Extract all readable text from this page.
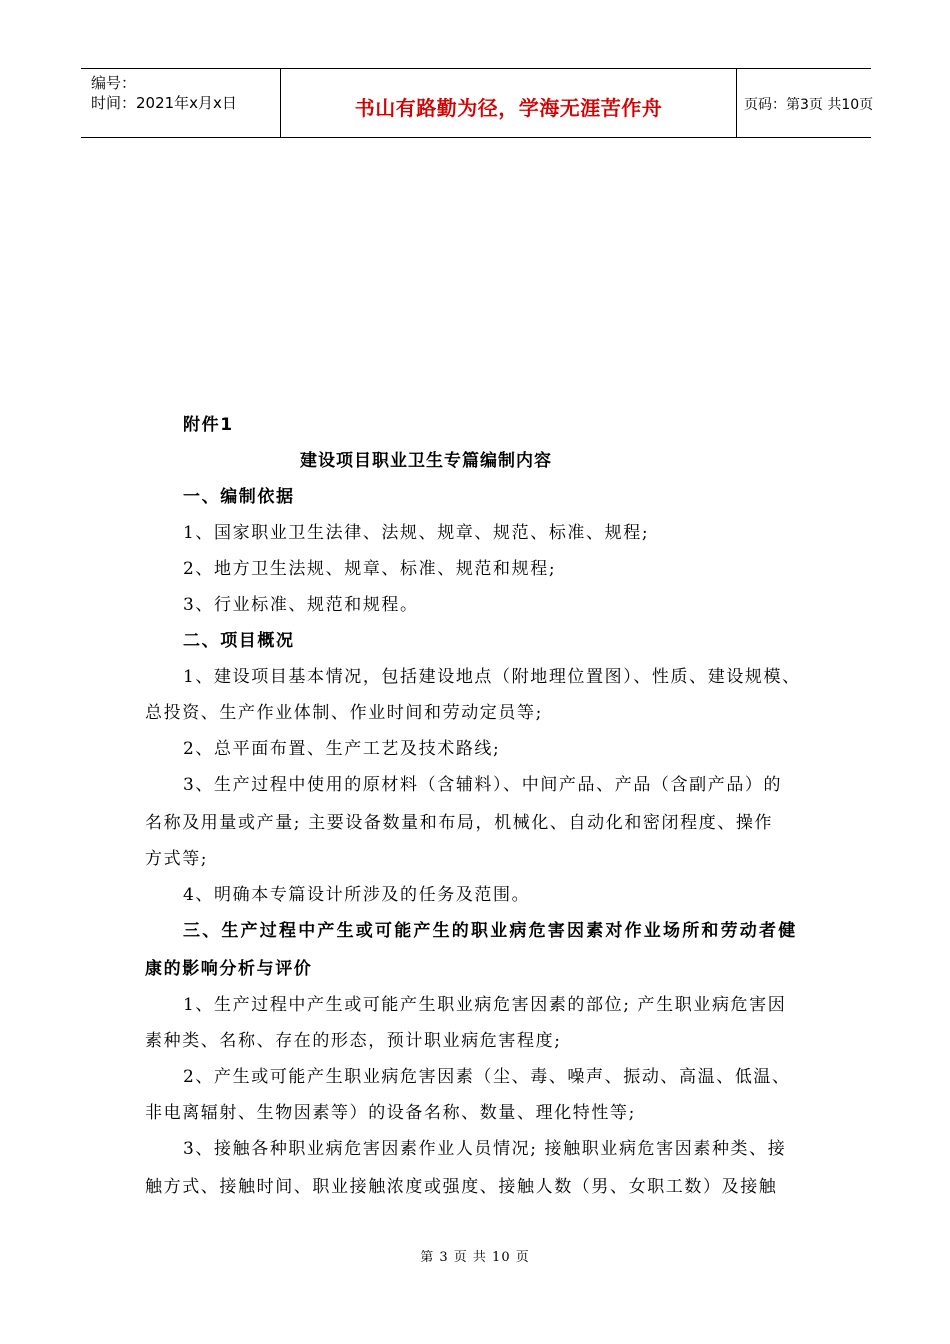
编号：
时间：2021年x月x日	书山有路勤为径，学海无涯苦作舟	页码：第3页 共10页
附件1
建设项目职业卫生专篇编制内容
一、编制依据
1、国家职业卫生法律、法规、规章、规范、标准、规程;
2、地方卫生法规、规章、标准、规范和规程;
3、行业标准、规范和规程。
二、项目概况
1、建设项目基本情况，包括建设地点（附地理位置图）、性质、建设规模、
总投资、生产作业体制、作业时间和劳动定员等;
2、总平面布置、生产工艺及技术路线;
3、生产过程中使用的原材料（含辅料）、中间产品、产品（含副产品）的
名称及用量或产量; 主要设备数量和布局，机械化、自动化和密闭程度、操作
方式等;
4、明确本专篇设计所涉及的任务及范围。
三、生产过程中产生或可能产生的职业病危害因素对作业场所和劳动者健
康的影响分析与评价
1、生产过程中产生或可能产生职业病危害因素的部位; 产生职业病危害因
素种类、名称、存在的形态，预计职业病危害程度;
2、产生或可能产生职业病危害因素（尘、毒、噪声、振动、高温、低温、
非电离辐射、生物因素等）的设备名称、数量、理化特性等;
3、接触各种职业病危害因素作业人员情况; 接触职业病危害因素种类、接
触方式、接触时间、职业接触浓度或强度、接触人数（男、女职工数）及接触
第 3 页 共 10 页
